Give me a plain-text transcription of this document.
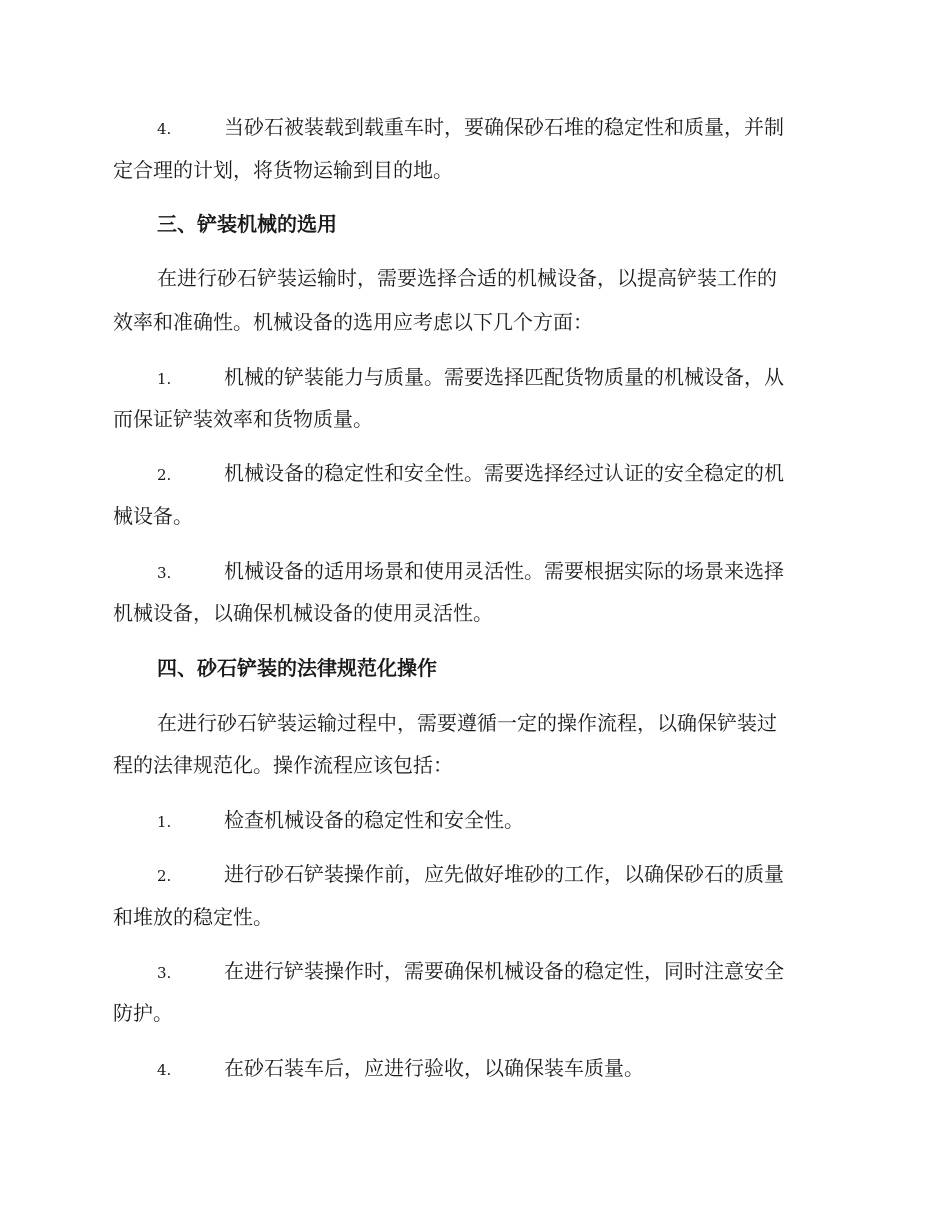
4.	当砂石被装载到载重车时，要确保砂石堆的稳定性和质量，并制
定合理的计划，将货物运输到目的地。
三、铲装机械的选用
在进行砂石铲装运输时，需要选择合适的机械设备，以提高铲装工作的
效率和准确性。机械设备的选用应考虑以下几个方面：
1.	机械的铲装能力与质量。需要选择匹配货物质量的机械设备，从
而保证铲装效率和货物质量。
2.	机械设备的稳定性和安全性。需要选择经过认证的安全稳定的机
械设备。
3.	机械设备的适用场景和使用灵活性。需要根据实际的场景来选择
机械设备，以确保机械设备的使用灵活性。
四、砂石铲装的法律规范化操作
在进行砂石铲装运输过程中，需要遵循一定的操作流程，以确保铲装过
程的法律规范化。操作流程应该包括：
1.	检查机械设备的稳定性和安全性。
2.	进行砂石铲装操作前，应先做好堆砂的工作，以确保砂石的质量
和堆放的稳定性。
3.	在进行铲装操作时，需要确保机械设备的稳定性，同时注意安全
防护。
4.	在砂石装车后，应进行验收，以确保装车质量。
